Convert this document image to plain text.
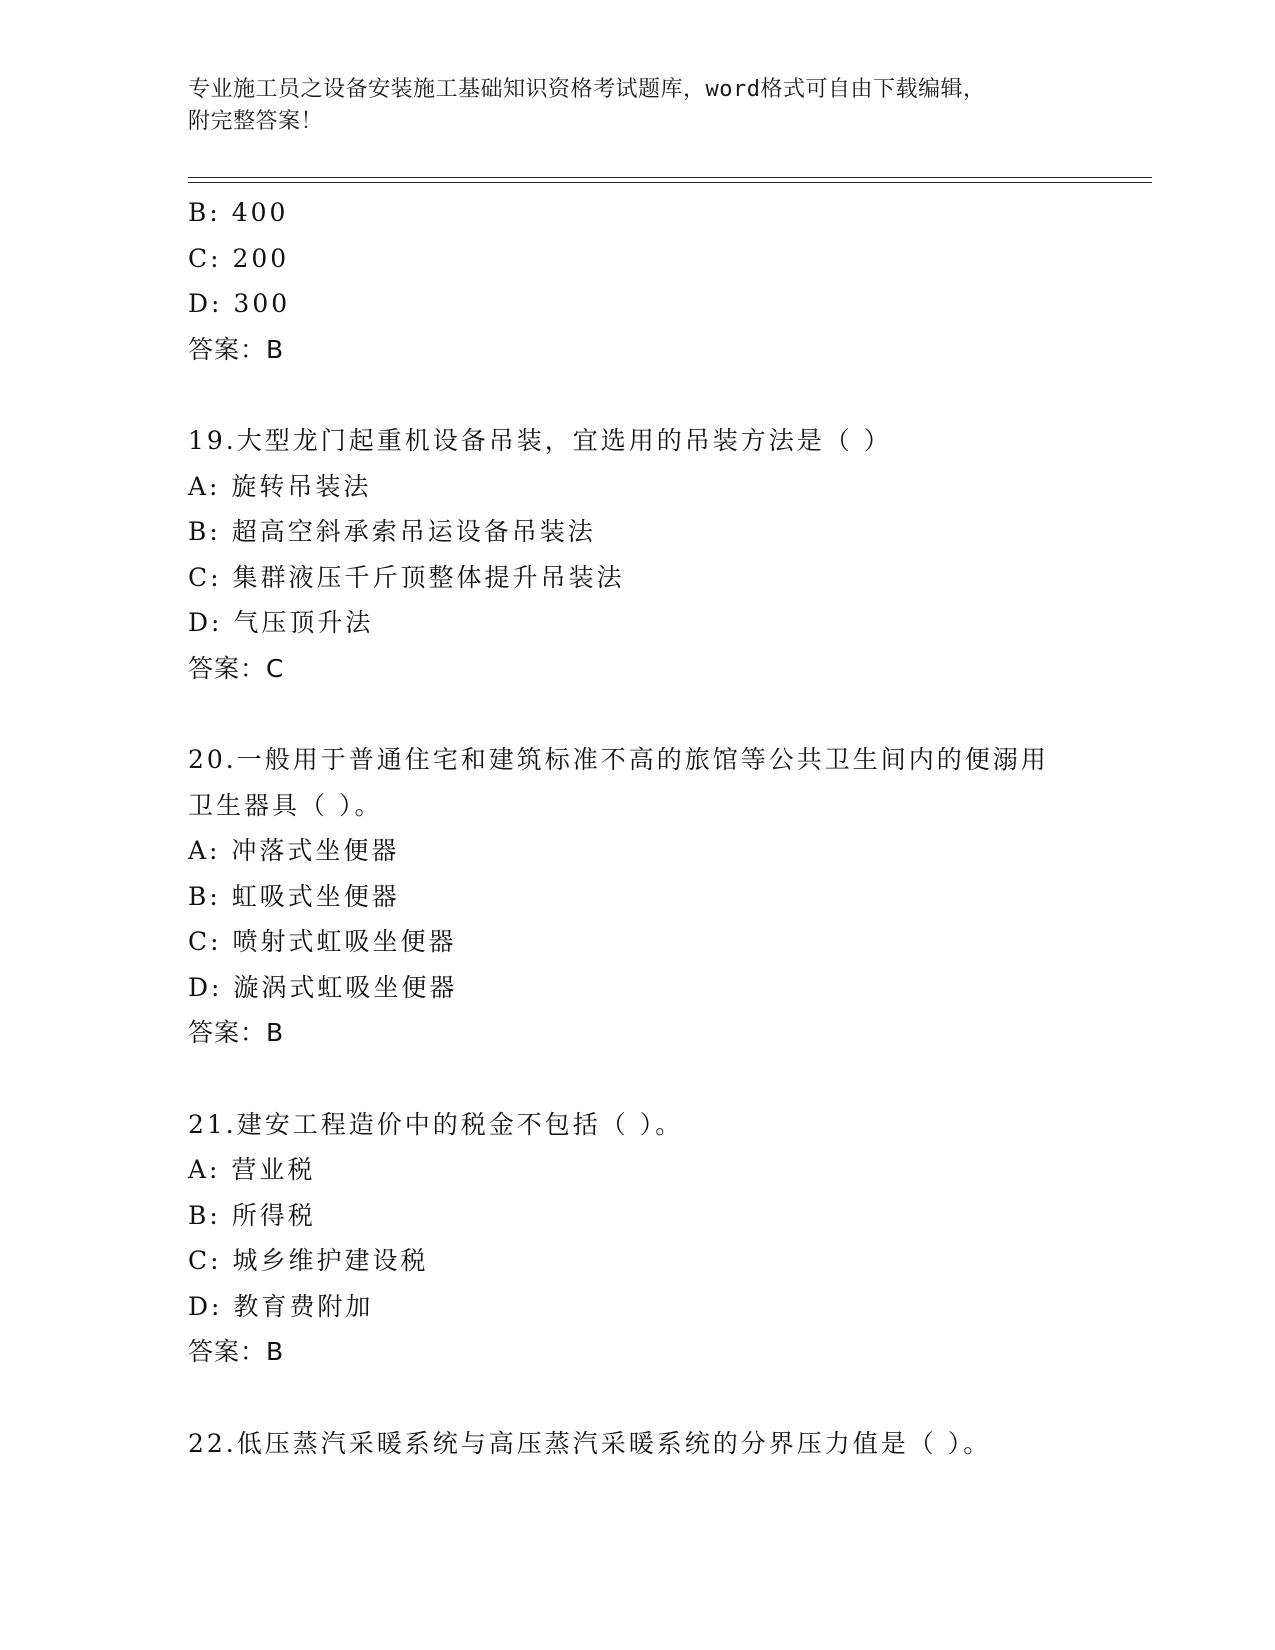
专业施工员之设备安装施工基础知识资格考试题库，word格式可自由下载编辑，
附完整答案！
B: 400
C: 200
D: 300
答案：B
19.大型龙门起重机设备吊装，宜选用的吊装方法是（ ）
A: 旋转吊装法
B: 超高空斜承索吊运设备吊装法
C: 集群液压千斤顶整体提升吊装法
D: 气压顶升法
答案：C
20.一般用于普通住宅和建筑标准不高的旅馆等公共卫生间内的便溺用
卫生器具（ ）。
A: 冲落式坐便器
B: 虹吸式坐便器
C: 喷射式虹吸坐便器
D: 漩涡式虹吸坐便器
答案：B
21.建安工程造价中的税金不包括（ ）。
A: 营业税
B: 所得税
C: 城乡维护建设税
D: 教育费附加
答案：B
22.低压蒸汽采暖系统与高压蒸汽采暖系统的分界压力值是（ ）。
